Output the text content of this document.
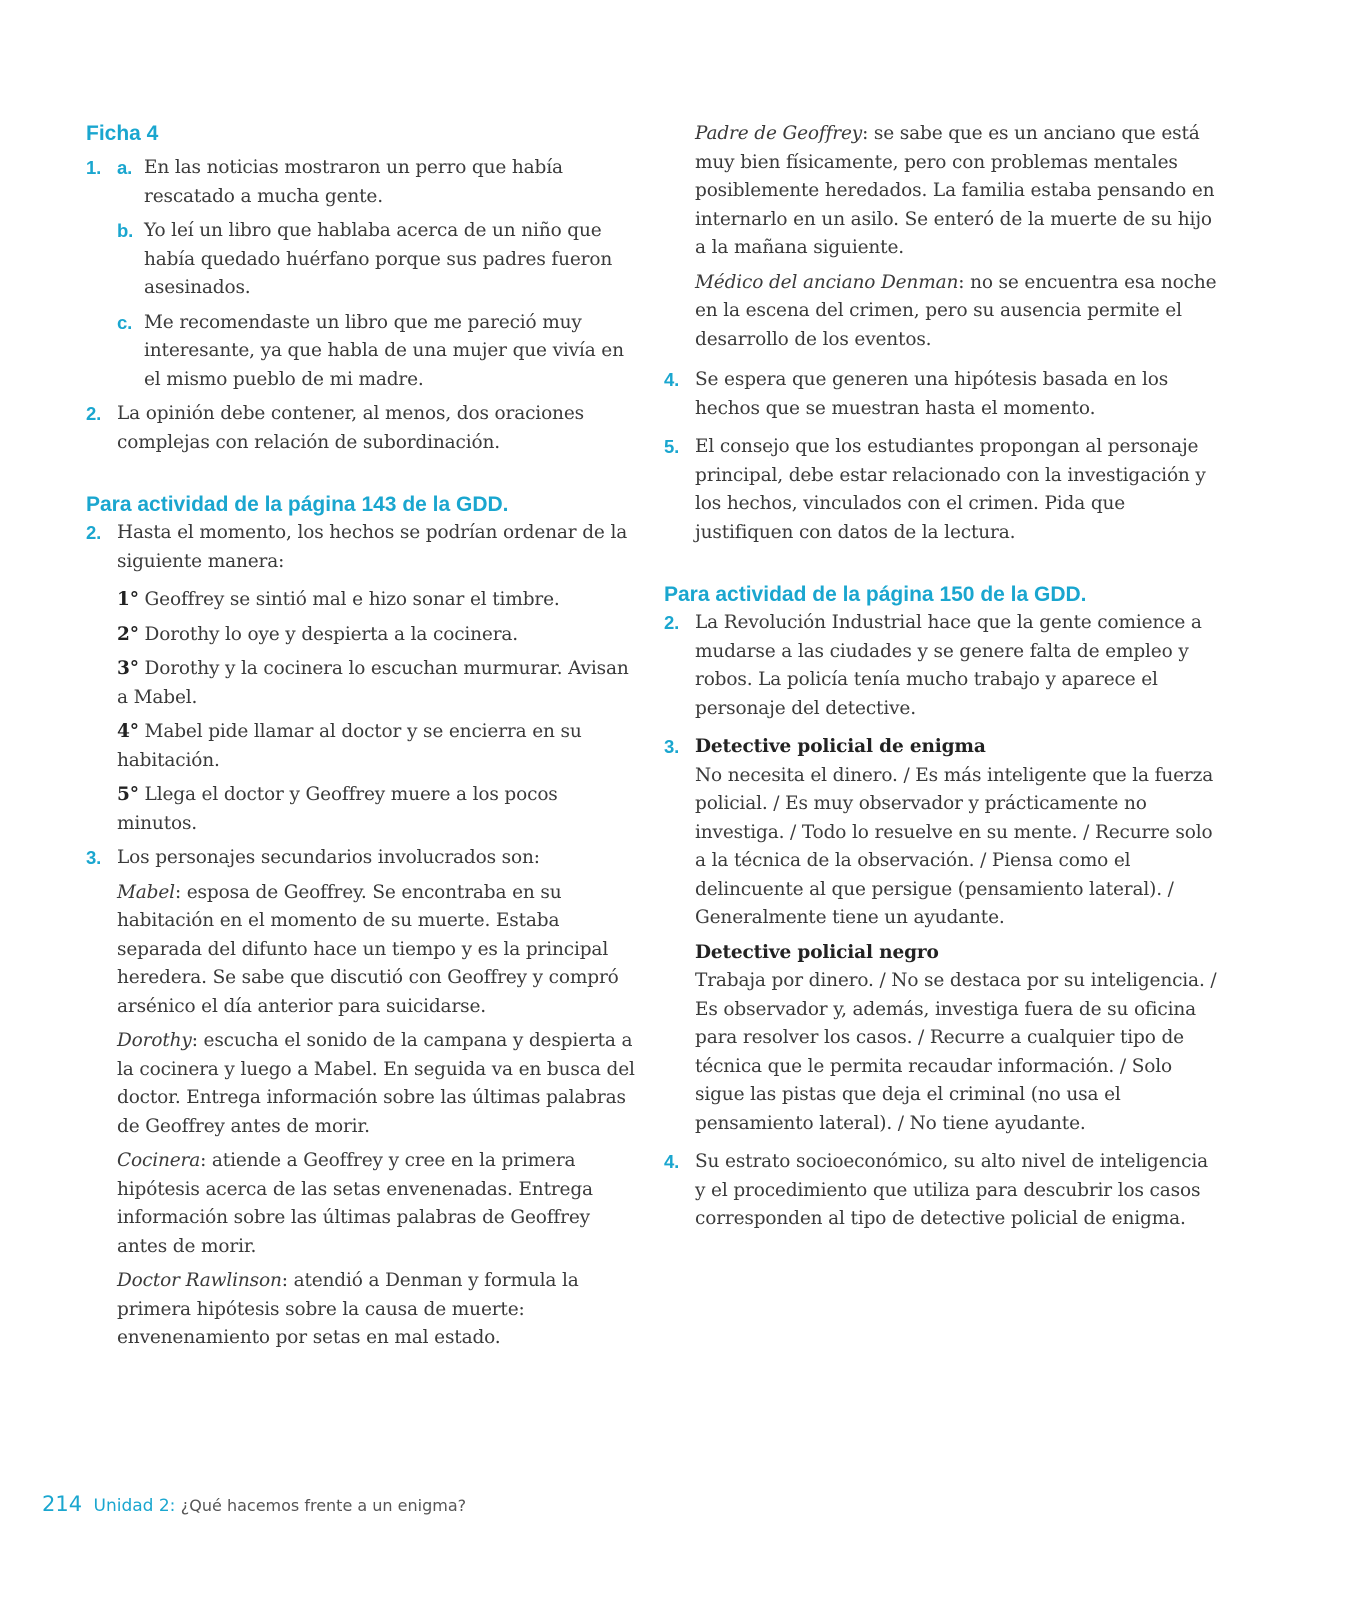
Ficha 4
1. a. En las noticias mostraron un perro que había rescatado a mucha gente.
b. Yo leí un libro que hablaba acerca de un niño que había quedado huérfano porque sus padres fueron asesinados.
c. Me recomendaste un libro que me pareció muy interesante, ya que habla de una mujer que vivía en el mismo pueblo de mi madre.
2. La opinión debe contener, al menos, dos oraciones complejas con relación de subordinación.
Para actividad de la página 143 de la GDD.
2. Hasta el momento, los hechos se podrían ordenar de la siguiente manera:
1° Geoffrey se sintió mal e hizo sonar el timbre.
2° Dorothy lo oye y despierta a la cocinera.
3° Dorothy y la cocinera lo escuchan murmurar. Avisan a Mabel.
4° Mabel pide llamar al doctor y se encierra en su habitación.
5° Llega el doctor y Geoffrey muere a los pocos minutos.
3. Los personajes secundarios involucrados son:
Mabel: esposa de Geoffrey. Se encontraba en su habitación en el momento de su muerte. Estaba separada del difunto hace un tiempo y es la principal heredera. Se sabe que discutió con Geoffrey y compró arsénico el día anterior para suicidarse.
Dorothy: escucha el sonido de la campana y despierta a la cocinera y luego a Mabel. En seguida va en busca del doctor. Entrega información sobre las últimas palabras de Geoffrey antes de morir.
Cocinera: atiende a Geoffrey y cree en la primera hipótesis acerca de las setas envenenadas. Entrega información sobre las últimas palabras de Geoffrey antes de morir.
Doctor Rawlinson: atendió a Denman y formula la primera hipótesis sobre la causa de muerte: envenenamiento por setas en mal estado.
Padre de Geoffrey: se sabe que es un anciano que está muy bien físicamente, pero con problemas mentales posiblemente heredados. La familia estaba pensando en internarlo en un asilo. Se enteró de la muerte de su hijo a la mañana siguiente.
Médico del anciano Denman: no se encuentra esa noche en la escena del crimen, pero su ausencia permite el desarrollo de los eventos.
4. Se espera que generen una hipótesis basada en los hechos que se muestran hasta el momento.
5. El consejo que los estudiantes propongan al personaje principal, debe estar relacionado con la investigación y los hechos, vinculados con el crimen. Pida que justifiquen con datos de la lectura.
Para actividad de la página 150 de la GDD.
2. La Revolución Industrial hace que la gente comience a mudarse a las ciudades y se genere falta de empleo y robos. La policía tenía mucho trabajo y aparece el personaje del detective.
3. Detective policial de enigma
No necesita el dinero. / Es más inteligente que la fuerza policial. / Es muy observador y prácticamente no investiga. / Todo lo resuelve en su mente. / Recurre solo a la técnica de la observación. / Piensa como el delincuente al que persigue (pensamiento lateral). / Generalmente tiene un ayudante.
Detective policial negro
Trabaja por dinero. / No se destaca por su inteligencia. / Es observador y, además, investiga fuera de su oficina para resolver los casos. / Recurre a cualquier tipo de técnica que le permita recaudar información. / Solo sigue las pistas que deja el criminal (no usa el pensamiento lateral). / No tiene ayudante.
4. Su estrato socioeconómico, su alto nivel de inteligencia y el procedimiento que utiliza para descubrir los casos corresponden al tipo de detective policial de enigma.
214 Unidad 2: ¿Qué hacemos frente a un enigma?
